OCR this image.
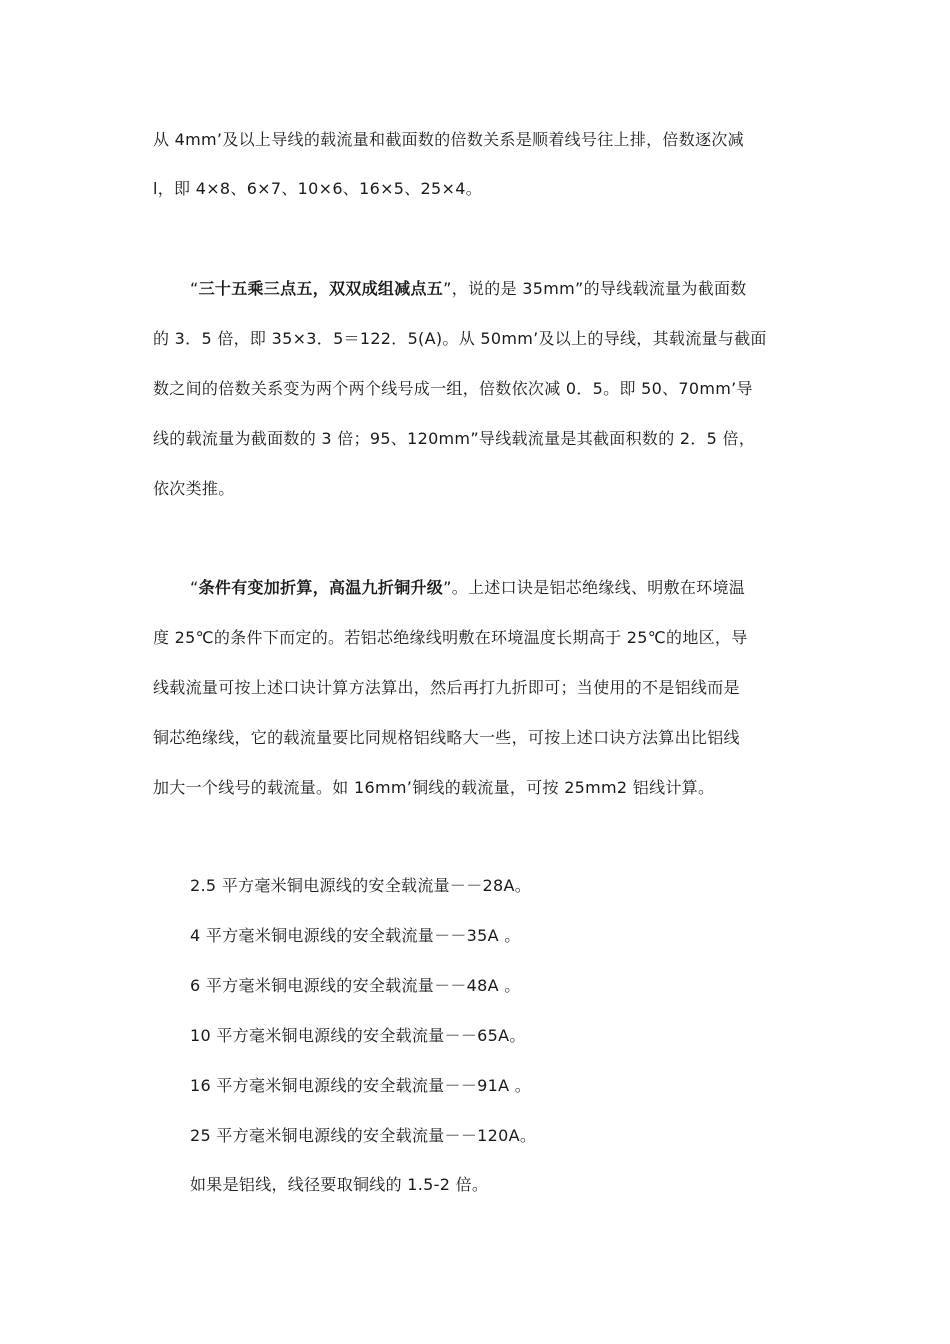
从 4mm’及以上导线的载流量和截面数的倍数关系是顺着线号往上排，倍数逐次减
l，即 4×8、6×7、10×6、16×5、25×4。
“三十五乘三点五，双双成组减点五”，说的是 35mm”的导线载流量为截面数
的 3．5 倍，即 35×3．5＝122．5(A)。从 50mm’及以上的导线，其载流量与截面
数之间的倍数关系变为两个两个线号成一组，倍数依次减 0．5。即 50、70mm’导
线的载流量为截面数的 3 倍；95、120mm”导线载流量是其截面积数的 2．5 倍，
依次类推。
“条件有变加折算，高温九折铜升级”。上述口诀是铝芯绝缘线、明敷在环境温
度 25℃的条件下而定的。若铝芯绝缘线明敷在环境温度长期高于 25℃的地区，导
线载流量可按上述口诀计算方法算出，然后再打九折即可；当使用的不是铝线而是
铜芯绝缘线，它的载流量要比同规格铝线略大一些，可按上述口诀方法算出比铝线
加大一个线号的载流量。如 16mm’铜线的载流量，可按 25mm2 铝线计算。
2.5 平方毫米铜电源线的安全载流量－－28A。
4 平方毫米铜电源线的安全载流量－－35A 。
6 平方毫米铜电源线的安全载流量－－48A 。
10 平方毫米铜电源线的安全载流量－－65A。
16 平方毫米铜电源线的安全载流量－－91A 。
25 平方毫米铜电源线的安全载流量－－120A。
如果是铝线，线径要取铜线的 1.5-2 倍。
